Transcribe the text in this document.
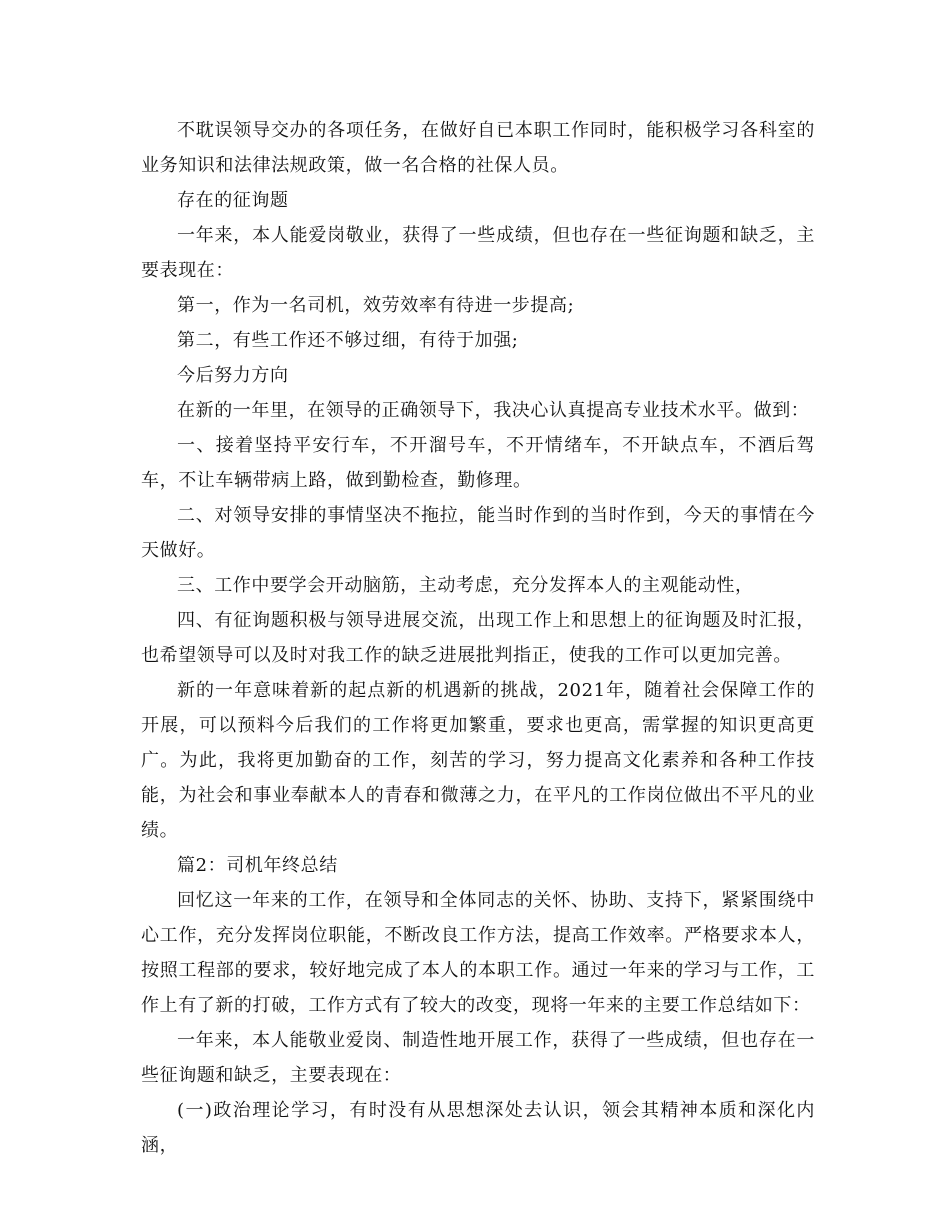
不耽误领导交办的各项任务，在做好自已本职工作同时，能积极学习各科室的业务知识和法律法规政策，做一名合格的社保人员。

存在的征询题

一年来，本人能爱岗敬业，获得了一些成绩，但也存在一些征询题和缺乏，主要表现在：

第一，作为一名司机，效劳效率有待进一步提高;

第二，有些工作还不够过细，有待于加强;

今后努力方向

在新的一年里，在领导的正确领导下，我决心认真提高专业技术水平。做到：

一、接着坚持平安行车，不开溜号车，不开情绪车，不开缺点车，不酒后驾车，不让车辆带病上路，做到勤检查，勤修理。

二、对领导安排的事情坚决不拖拉，能当时作到的当时作到，今天的事情在今天做好。

三、工作中要学会开动脑筋，主动考虑，充分发挥本人的主观能动性，

四、有征询题积极与领导进展交流，出现工作上和思想上的征询题及时汇报，也希望领导可以及时对我工作的缺乏进展批判指正，使我的工作可以更加完善。

新的一年意味着新的起点新的机遇新的挑战，2021年，随着社会保障工作的开展，可以预料今后我们的工作将更加繁重，要求也更高，需掌握的知识更高更广。为此，我将更加勤奋的工作，刻苦的学习，努力提高文化素养和各种工作技能，为社会和事业奉献本人的青春和微薄之力，在平凡的工作岗位做出不平凡的业绩。

篇2：司机年终总结

回忆这一年来的工作，在领导和全体同志的关怀、协助、支持下，紧紧围绕中心工作，充分发挥岗位职能，不断改良工作方法，提高工作效率。严格要求本人，按照工程部的要求，较好地完成了本人的本职工作。通过一年来的学习与工作，工作上有了新的打破，工作方式有了较大的改变，现将一年来的主要工作总结如下：

一年来，本人能敬业爱岗、制造性地开展工作，获得了一些成绩，但也存在一些征询题和缺乏，主要表现在：

(一)政治理论学习，有时没有从思想深处去认识，领会其精神本质和深化内涵，
